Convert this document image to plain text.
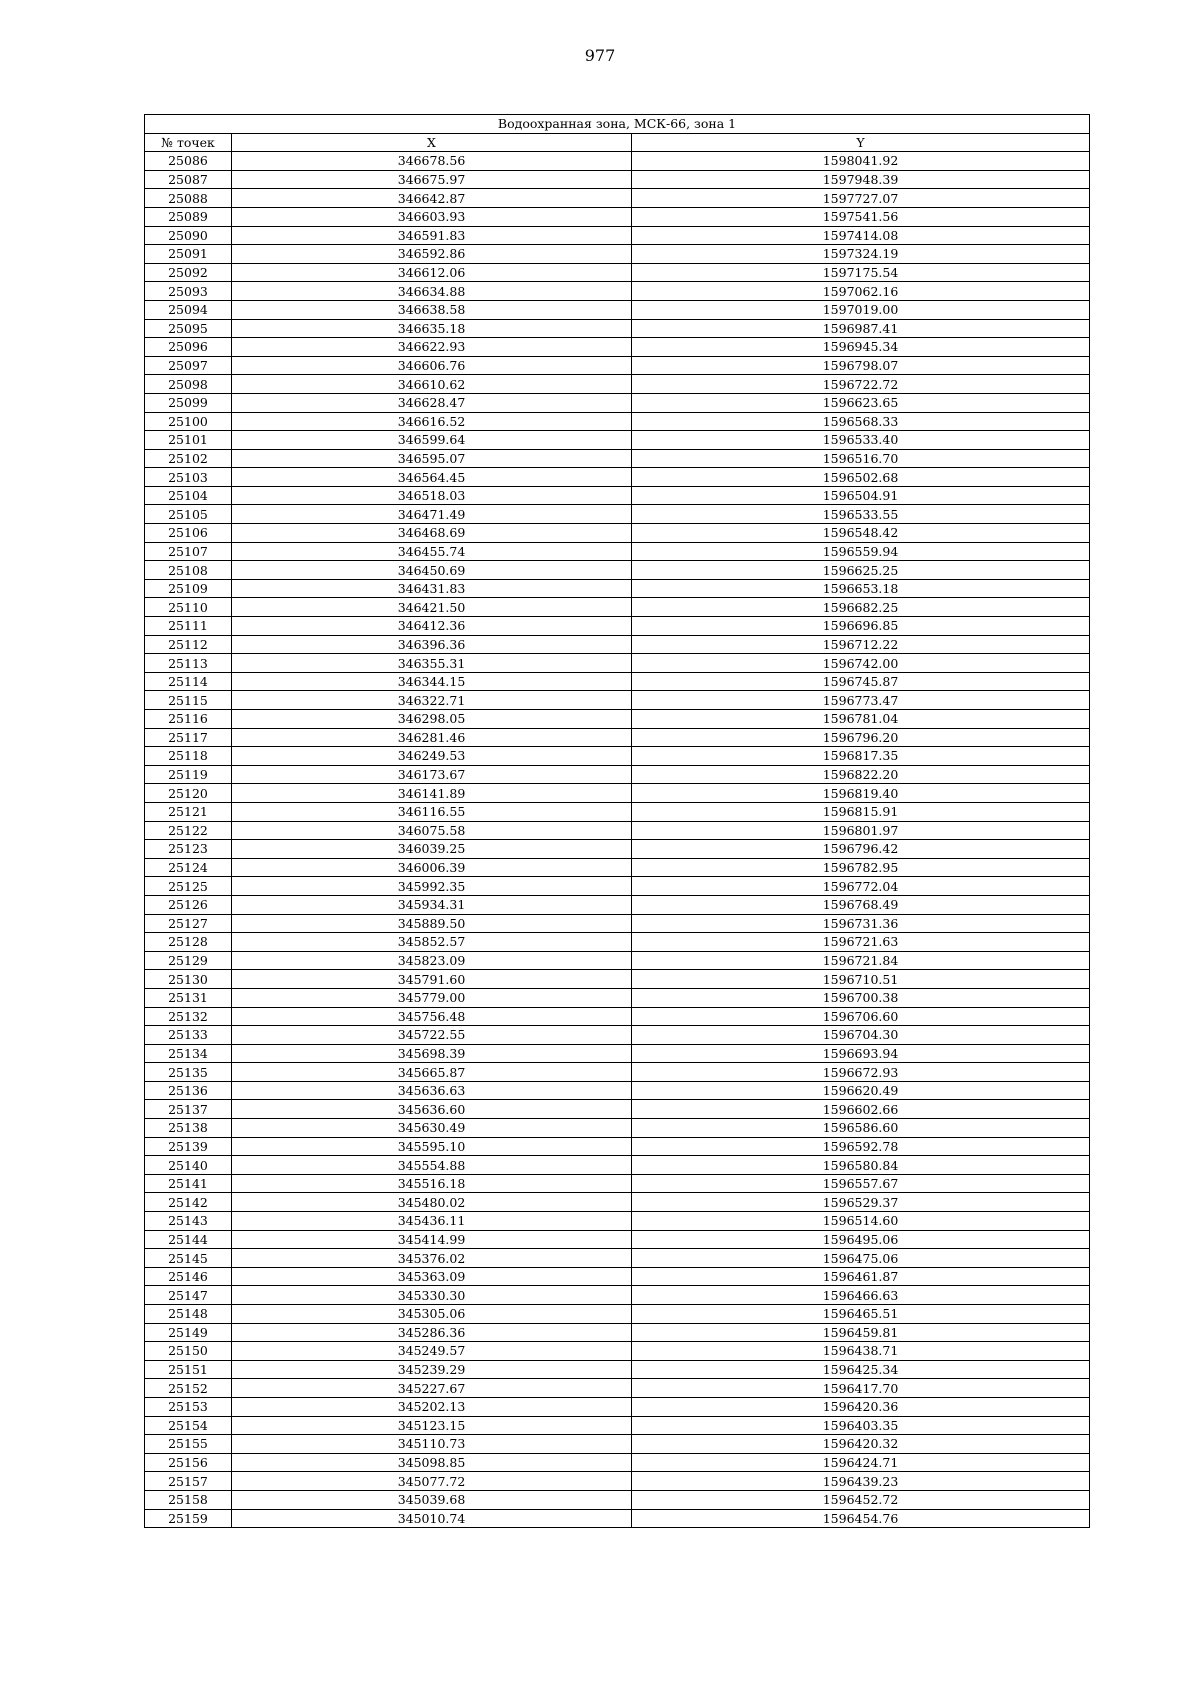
977
Водоохранная зона, МСК-66, зона 1		
№ точек	X	Y
25086	346678.56	1598041.92
25087	346675.97	1597948.39
25088	346642.87	1597727.07
25089	346603.93	1597541.56
25090	346591.83	1597414.08
25091	346592.86	1597324.19
25092	346612.06	1597175.54
25093	346634.88	1597062.16
25094	346638.58	1597019.00
25095	346635.18	1596987.41
25096	346622.93	1596945.34
25097	346606.76	1596798.07
25098	346610.62	1596722.72
25099	346628.47	1596623.65
25100	346616.52	1596568.33
25101	346599.64	1596533.40
25102	346595.07	1596516.70
25103	346564.45	1596502.68
25104	346518.03	1596504.91
25105	346471.49	1596533.55
25106	346468.69	1596548.42
25107	346455.74	1596559.94
25108	346450.69	1596625.25
25109	346431.83	1596653.18
25110	346421.50	1596682.25
25111	346412.36	1596696.85
25112	346396.36	1596712.22
25113	346355.31	1596742.00
25114	346344.15	1596745.87
25115	346322.71	1596773.47
25116	346298.05	1596781.04
25117	346281.46	1596796.20
25118	346249.53	1596817.35
25119	346173.67	1596822.20
25120	346141.89	1596819.40
25121	346116.55	1596815.91
25122	346075.58	1596801.97
25123	346039.25	1596796.42
25124	346006.39	1596782.95
25125	345992.35	1596772.04
25126	345934.31	1596768.49
25127	345889.50	1596731.36
25128	345852.57	1596721.63
25129	345823.09	1596721.84
25130	345791.60	1596710.51
25131	345779.00	1596700.38
25132	345756.48	1596706.60
25133	345722.55	1596704.30
25134	345698.39	1596693.94
25135	345665.87	1596672.93
25136	345636.63	1596620.49
25137	345636.60	1596602.66
25138	345630.49	1596586.60
25139	345595.10	1596592.78
25140	345554.88	1596580.84
25141	345516.18	1596557.67
25142	345480.02	1596529.37
25143	345436.11	1596514.60
25144	345414.99	1596495.06
25145	345376.02	1596475.06
25146	345363.09	1596461.87
25147	345330.30	1596466.63
25148	345305.06	1596465.51
25149	345286.36	1596459.81
25150	345249.57	1596438.71
25151	345239.29	1596425.34
25152	345227.67	1596417.70
25153	345202.13	1596420.36
25154	345123.15	1596403.35
25155	345110.73	1596420.32
25156	345098.85	1596424.71
25157	345077.72	1596439.23
25158	345039.68	1596452.72
25159	345010.74	1596454.76
